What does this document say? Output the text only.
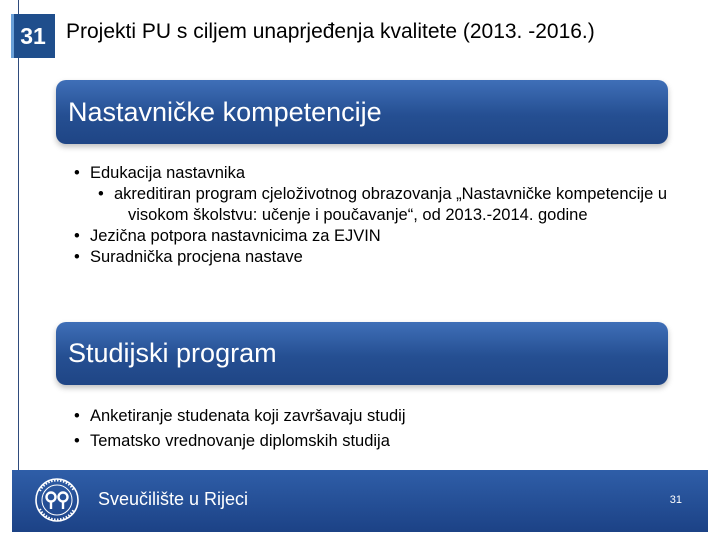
31 Projekti PU s ciljem unaprjeđenja kvalitete (2013. -2016.)
Nastavničke kompetencije
• Edukacija nastavnika
• akreditiran program cjeloživotnog obrazovanja „Nastavničke kompetencije u visokom školstvu: učenje i poučavanje“, od 2013.-2014. godine
• Jezična potpora nastavnicima za EJVIN
• Suradnička procjena nastave
Studijski program
• Anketiranje studenata koji završavaju studij
• Tematsko vrednovanje diplomskih studija
Sveučilište u Rijeci	31
